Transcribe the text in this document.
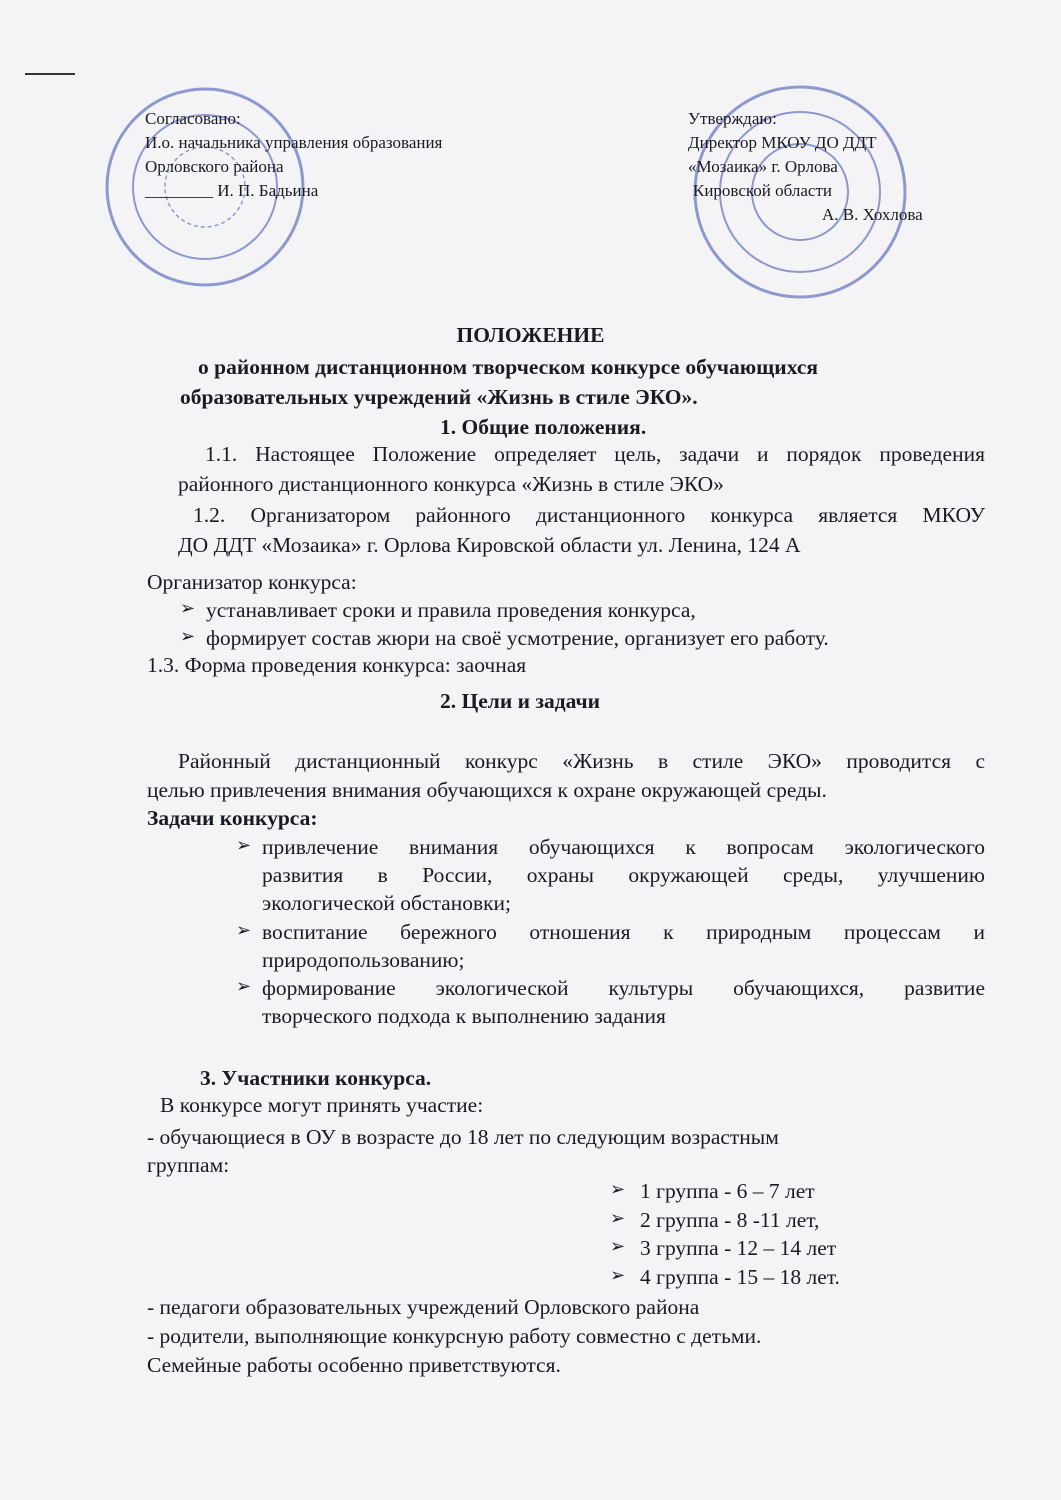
Согласовано:
И.о. начальника управления образования
Орловского района
________ И. П. Бадьина
Утверждаю:
Директор МКОУ ДО ДДТ
«Мозаика» г. Орлова
Кировской области
А. В. Хохлова
ПОЛОЖЕНИЕ
о районном дистанционном творческом конкурсе обучающихся
образовательных учреждений «Жизнь в стиле ЭКО».
1. Общие положения.
1.1. Настоящее Положение определяет цель, задачи и порядок проведения
районного дистанционного конкурса «Жизнь в стиле ЭКО»
1.2. Организатором районного дистанционного конкурса является МКОУ
ДО ДДТ «Мозаика» г. Орлова Кировской области ул. Ленина, 124 А
Организатор конкурса:
➢ устанавливает сроки и правила проведения конкурса,
➢ формирует состав жюри на своё усмотрение, организует его работу.
1.3. Форма проведения конкурса: заочная
2. Цели и задачи
Районный дистанционный конкурс «Жизнь в стиле ЭКО» проводится с
целью привлечения внимания обучающихся к охране окружающей среды.
Задачи конкурса:
➢ привлечение внимания обучающихся к вопросам экологического
развития в России, охраны окружающей среды, улучшению
экологической обстановки;
➢ воспитание бережного отношения к природным процессам и
природопользованию;
➢ формирование экологической культуры обучающихся, развитие
творческого подхода к выполнению задания
3. Участники конкурса.
В конкурсе могут принять участие:
- обучающиеся в ОУ в возрасте до 18 лет по следующим возрастным
группам:
➢ 1 группа - 6 – 7 лет
➢ 2 группа - 8 -11 лет,
➢ 3 группа - 12 – 14 лет
➢ 4 группа - 15 – 18 лет.
- педагоги образовательных учреждений Орловского района
- родители, выполняющие конкурсную работу совместно с детьми.
Семейные работы особенно приветствуются.
